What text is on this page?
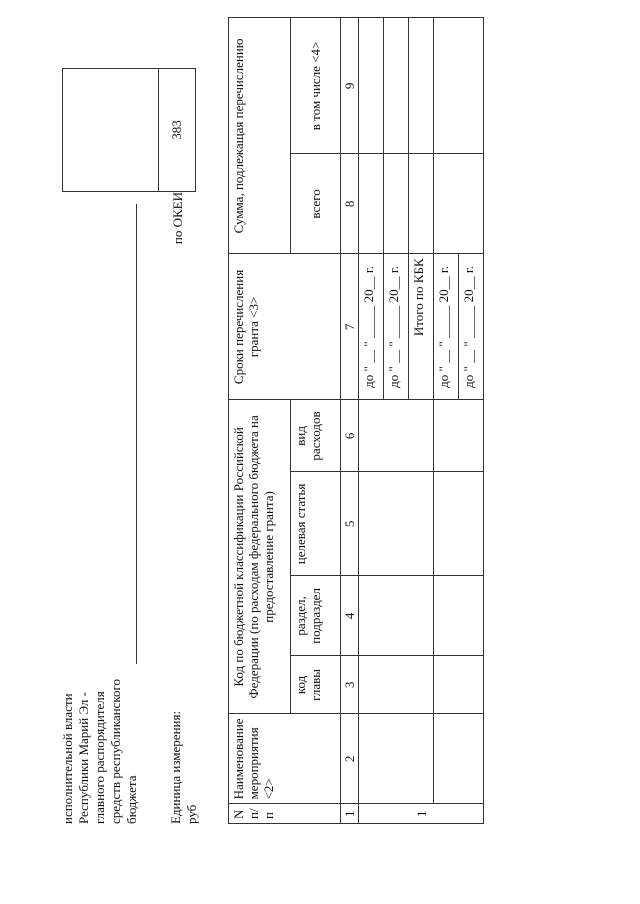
исполнительной власти Республики Марий Эл - главного распорядителя средств республиканского бюджета Единица измерения: руб
по ОКЕИ
383
N п/п	Наименование мероприятия <2>	Код по бюджетной классификации Российской Федерации (по расходам федерального бюджета на предоставление гранта)				Сроки перечисления гранта <3>	Сумма, подлежащая перечислению	
		код главы	раздел, подраздел	целевая статья	вид расходов		всего	в том числе <4>
1	2	3	4	5	6	7	8	9
1						до " __ " _____ 20__ г.		
						до " __ " _____ 20__ г.		
						Итого по КБК		
						до " __ " _____ 20__ г.		
						до " __ " _____ 20__ г.		
